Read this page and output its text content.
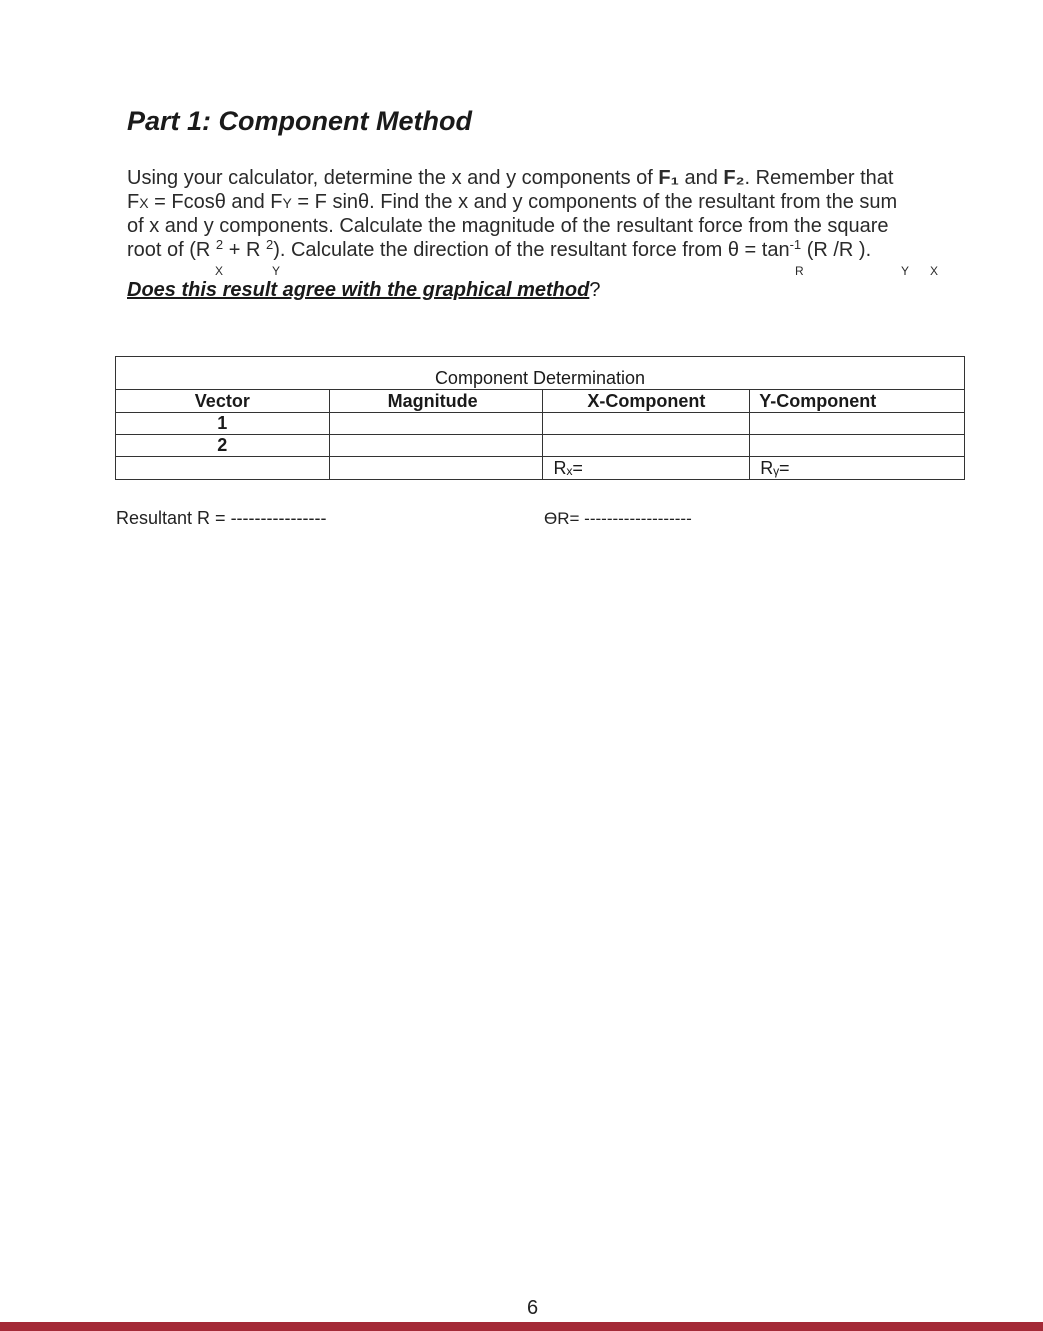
Part 1: Component Method
Using your calculator, determine the x and y components of F₁ and F₂. Remember that
FX = Fcosθ and FY = F sinθ. Find the x and y components of the resultant from the sum
of x and y components. Calculate the magnitude of the resultant force from the square
root of (R $^2$ + R $^2$). Calculate the direction of the resultant force from $\theta = \tan^{-1} (R$ /R ).
X	Y	R	Y X
Does this result agree with the graphical method?
Component Determination			
Vector	Magnitude	X-Component	Y-Component
1			
2			
		Rₓ=	Rᵧ=
Resultant R = ----------------	ϴR= -------------------
6
